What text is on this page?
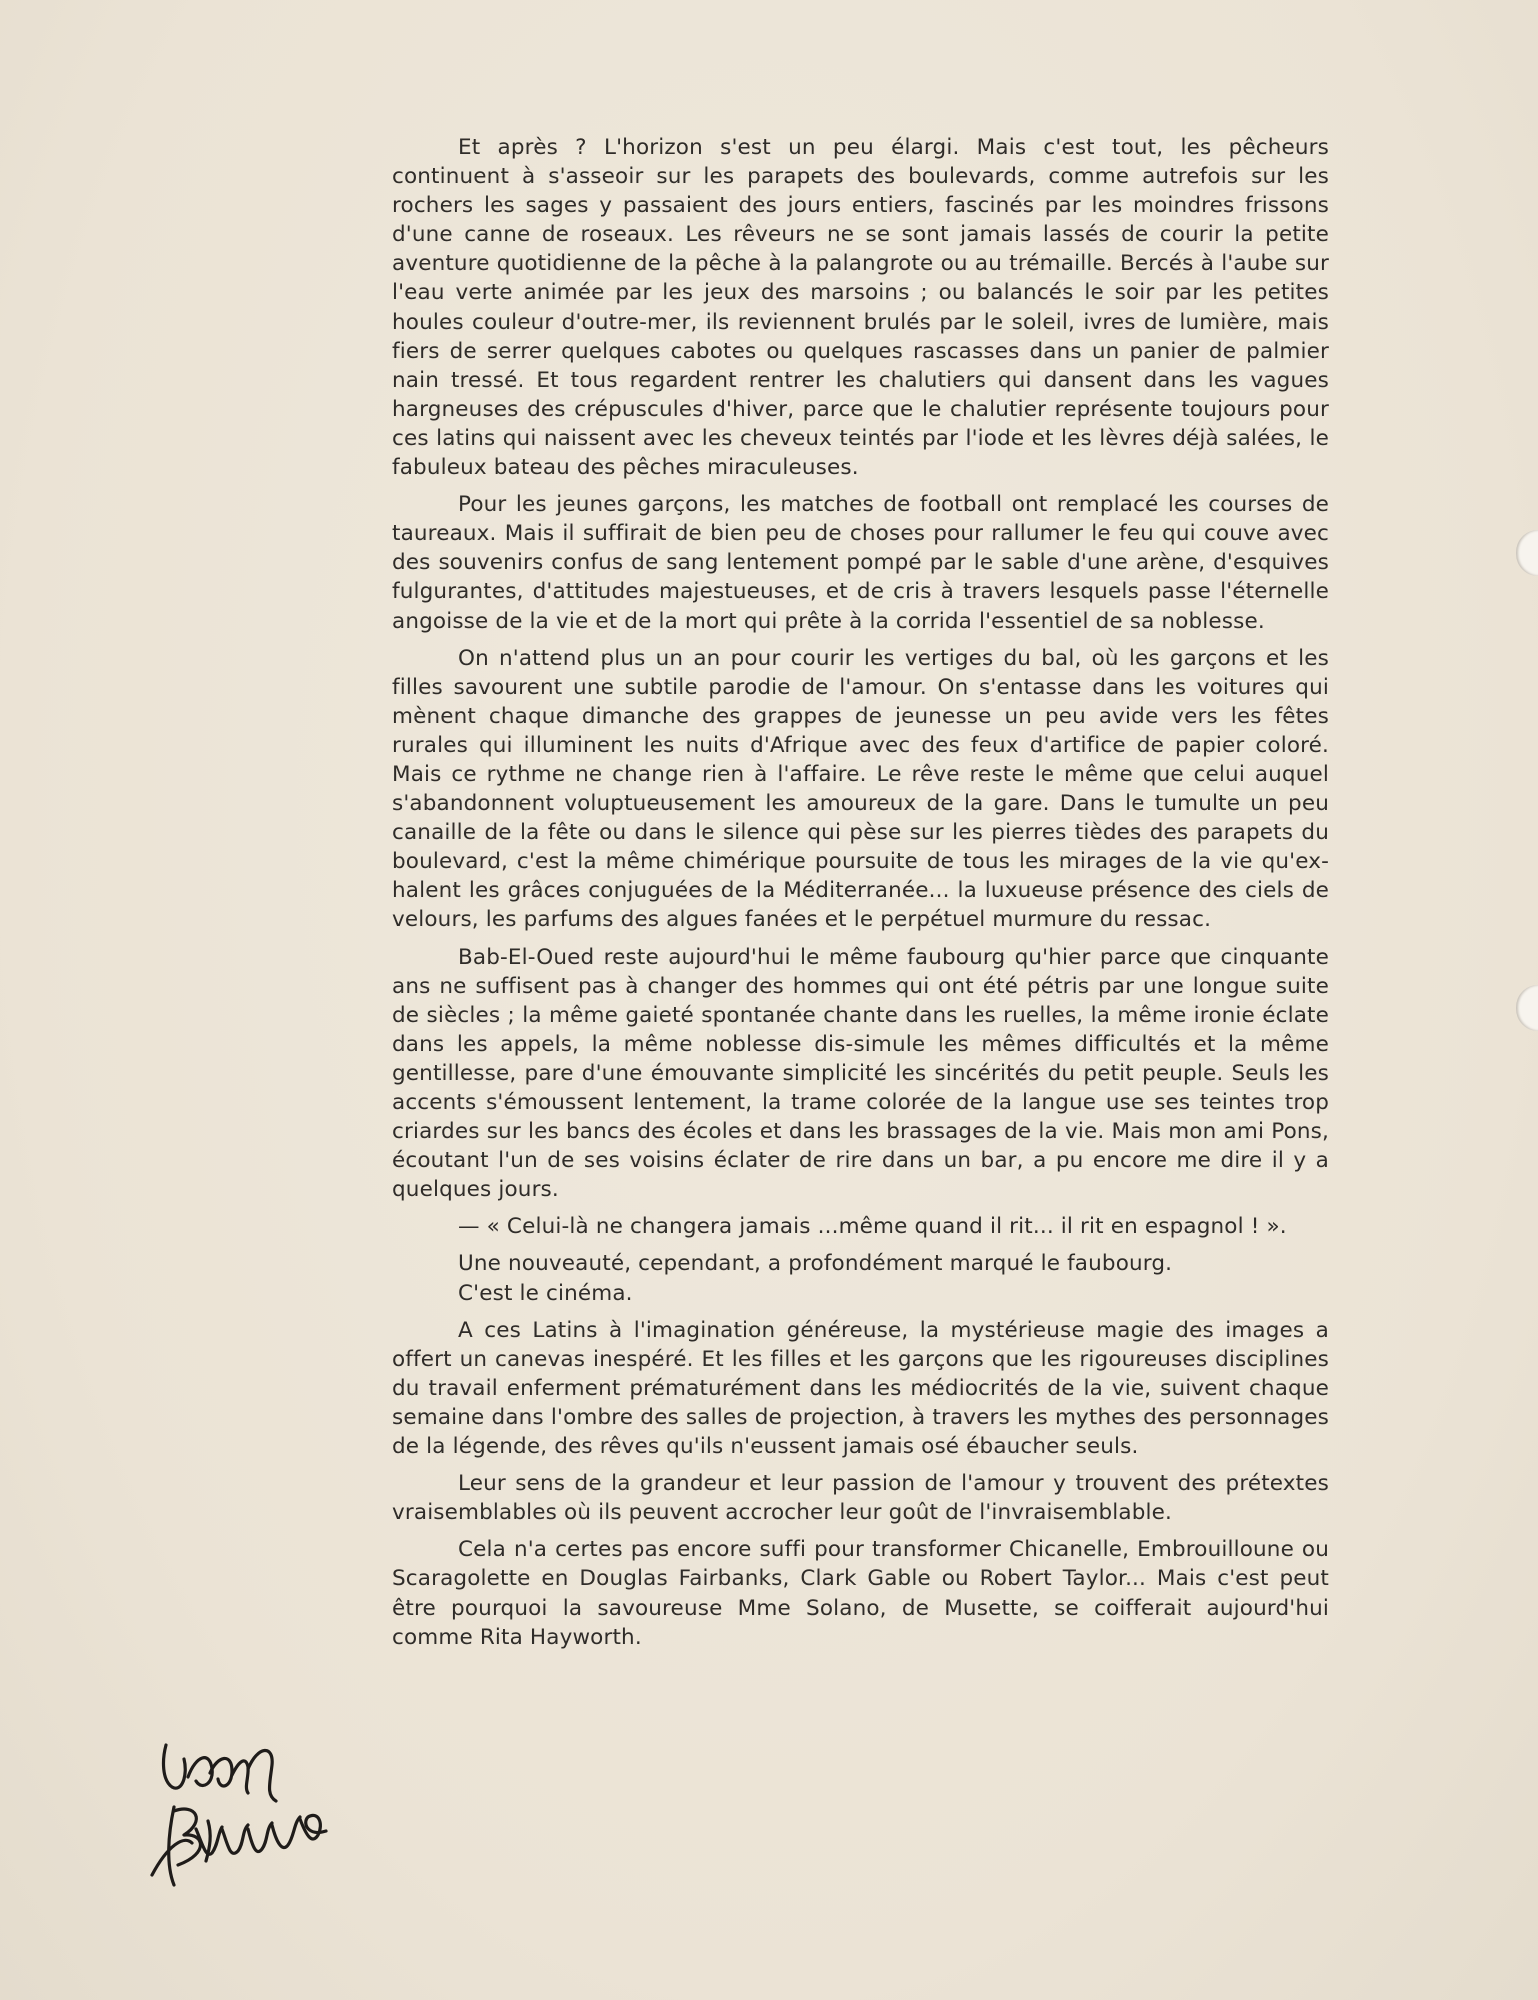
Et après ? L'horizon s'est un peu élargi. Mais c'est tout, les pêcheurs continuent à s'asseoir sur les parapets des boulevards, comme autrefois sur les rochers les sages y passaient des jours entiers, fascinés par les moindres frissons d'une canne de roseaux. Les rêveurs ne se sont jamais lassés de courir la petite aventure quotidienne de la pêche à la palangrote ou au trémaille. Bercés à l'aube sur l'eau verte animée par les jeux des marsoins ; ou balancés le soir par les petites houles couleur d'outre-mer, ils reviennent brulés par le soleil, ivres de lumière, mais fiers de serrer quelques cabotes ou quelques rascasses dans un panier de palmier nain tressé. Et tous regardent rentrer les chalutiers qui dansent dans les vagues hargneuses des crépuscules d'hiver, parce que le chalutier représente toujours pour ces latins qui naissent avec les cheveux teintés par l'iode et les lèvres déjà salées, le fabuleux bateau des pêches miraculeuses.

Pour les jeunes garçons, les matches de football ont remplacé les courses de taureaux. Mais il suffirait de bien peu de choses pour rallumer le feu qui couve avec des souvenirs confus de sang lentement pompé par le sable d'une arène, d'esquives fulgurantes, d'attitudes majestueuses, et de cris à travers lesquels passe l'éternelle angoisse de la vie et de la mort qui prête à la corrida l'essentiel de sa noblesse.

On n'attend plus un an pour courir les vertiges du bal, où les garçons et les filles savourent une subtile parodie de l'amour. On s'entasse dans les voitures qui mènent chaque dimanche des grappes de jeunesse un peu avide vers les fêtes rurales qui illuminent les nuits d'Afrique avec des feux d'artifice de papier coloré. Mais ce rythme ne change rien à l'affaire. Le rêve reste le même que celui auquel s'abandonnent voluptueusement les amoureux de la gare. Dans le tumulte un peu canaille de la fête ou dans le silence qui pèse sur les pierres tièdes des parapets du boulevard, c'est la même chimérique poursuite de tous les mirages de la vie qu'ex-halent les grâces conjuguées de la Méditerranée... la luxueuse présence des ciels de velours, les parfums des algues fanées et le perpétuel murmure du ressac.

Bab-El-Oued reste aujourd'hui le même faubourg qu'hier parce que cinquante ans ne suffisent pas à changer des hommes qui ont été pétris par une longue suite de siècles ; la même gaieté spontanée chante dans les ruelles, la même ironie éclate dans les appels, la même noblesse dis-simule les mêmes difficultés et la même gentillesse, pare d'une émouvante simplicité les sincérités du petit peuple. Seuls les accents s'émoussent lentement, la trame colorée de la langue use ses teintes trop criardes sur les bancs des écoles et dans les brassages de la vie. Mais mon ami Pons, écoutant l'un de ses voisins éclater de rire dans un bar, a pu encore me dire il y a quelques jours.

— « Celui-là ne changera jamais ...même quand il rit... il rit en espagnol ! ».

Une nouveauté, cependant, a profondément marqué le faubourg.

C'est le cinéma.

A ces Latins à l'imagination généreuse, la mystérieuse magie des images a offert un canevas inespéré. Et les filles et les garçons que les rigoureuses disciplines du travail enferment prématurément dans les médiocrités de la vie, suivent chaque semaine dans l'ombre des salles de projection, à travers les mythes des personnages de la légende, des rêves qu'ils n'eussent jamais osé ébaucher seuls.

Leur sens de la grandeur et leur passion de l'amour y trouvent des prétextes vraisemblables où ils peuvent accrocher leur goût de l'invraisemblable.

Cela n'a certes pas encore suffi pour transformer Chicanelle, Embrouilloune ou Scaragolette en Douglas Fairbanks, Clark Gable ou Robert Taylor... Mais c'est peut être pourquoi la savoureuse Mme Solano, de Musette, se coifferait aujourd'hui comme Rita Hayworth.
